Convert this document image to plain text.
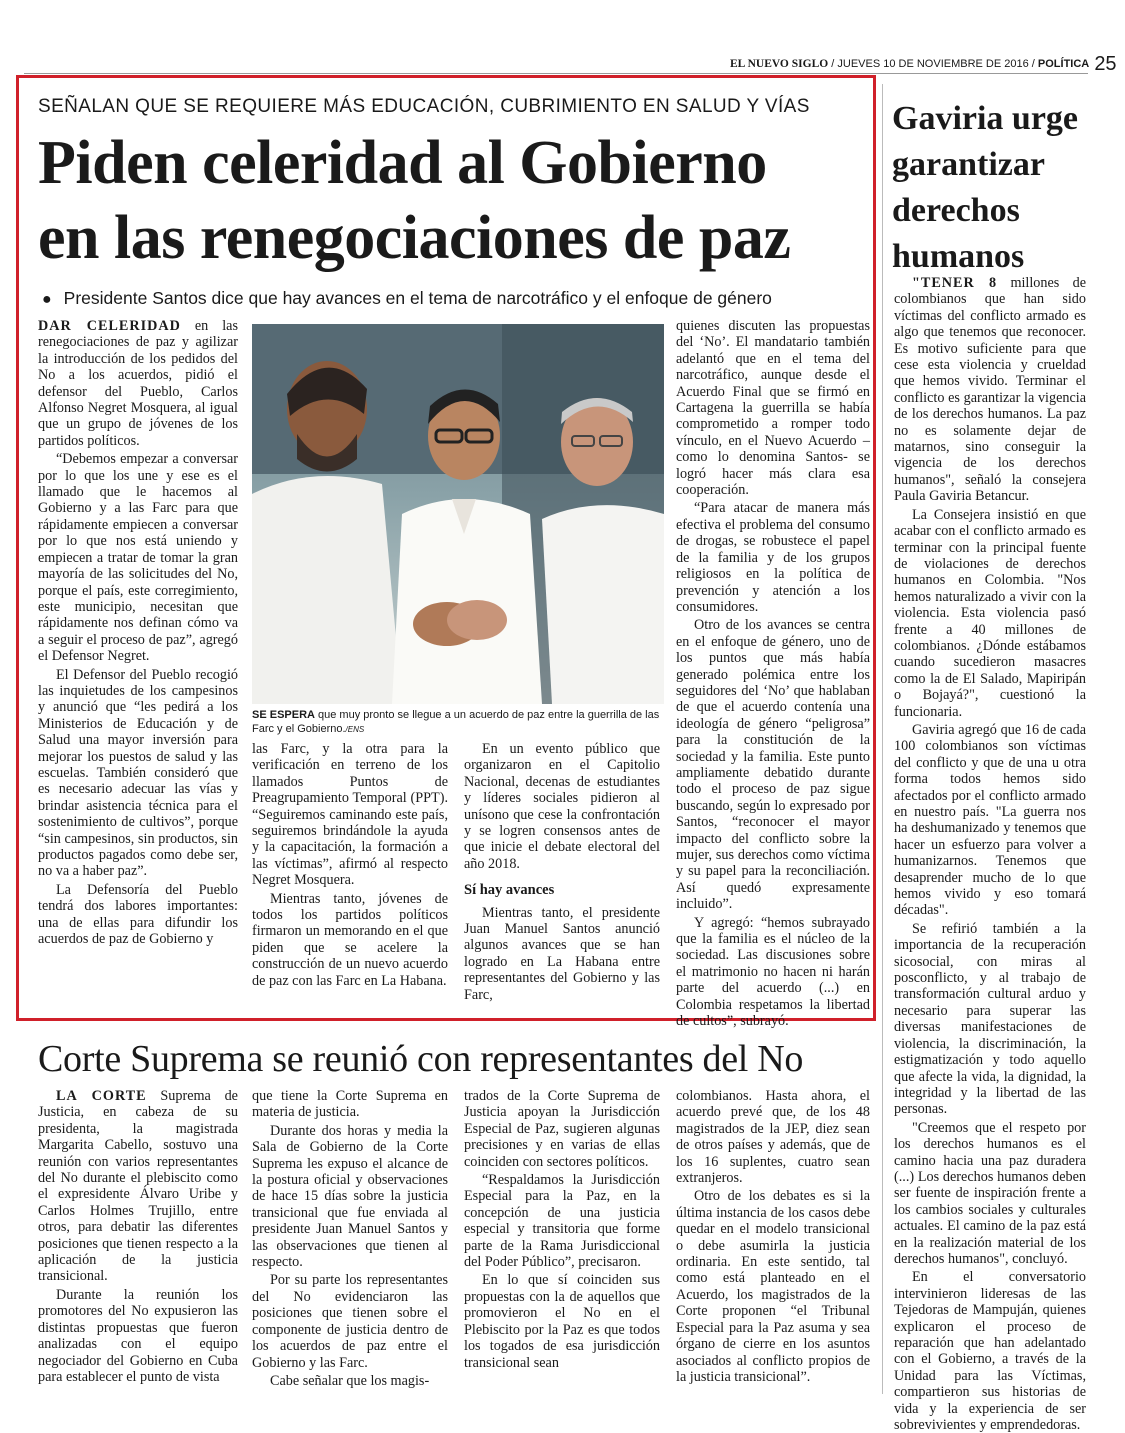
EL NUEVO SIGLO / JUEVES 10 DE NOVIEMBRE DE 2016 / POLÍTICA 25
SEÑALAN QUE SE REQUIERE MÁS EDUCACIÓN, CUBRIMIENTO EN SALUD Y VÍAS
Piden celeridad al Gobierno
en las renegociaciones de paz
● Presidente Santos dice que hay avances en el tema de narcotráfico y el enfoque de género

DAR CELERIDAD en las renegociaciones de paz y agilizar la introducción de los pedidos del No a los acuerdos, pidió el defensor del Pueblo, Carlos Alfonso Negret Mosquera, al igual que un grupo de jóvenes de los partidos políticos.

“Debemos empezar a conversar por lo que los une y ese es el llamado que le hacemos al Gobierno y a las Farc para que rápidamente empiecen a conversar por lo que nos está uniendo y empiecen a tratar de tomar la gran mayoría de las solicitudes del No, porque el país, este corregimiento, este municipio, necesitan que rápidamente nos definan cómo va a seguir el proceso de paz”, agregó el Defensor Negret.

El Defensor del Pueblo recogió las inquietudes de los campesinos y anunció que “les pedirá a los Ministerios de Educación y de Salud una mayor inversión para mejorar los puestos de salud y las escuelas. También consideró que es necesario adecuar las vías y brindar asistencia técnica para el sostenimiento de cultivos”, porque “sin campesinos, sin productos, sin productos pagados como debe ser, no va a haber paz”.

La Defensoría del Pueblo tendrá dos labores importantes: una de ellas para difundir los acuerdos de paz de Gobierno y

SE ESPERA que muy pronto se llegue a un acuerdo de paz entre la guerrilla de las Farc y el Gobierno./ENS

las Farc, y la otra para la verificación en terreno de los llamados Puntos de Preagrupamiento Temporal (PPT). “Seguiremos caminando este país, seguiremos brindándole la ayuda y la capacitación, la formación a las víctimas”, afirmó al respecto Negret Mosquera.

Mientras tanto, jóvenes de todos los partidos políticos firmaron un memorando en el que piden que se acelere la construcción de un nuevo acuerdo de paz con las Farc en La Habana.

En un evento público que organizaron en el Capitolio Nacional, decenas de estudiantes y líderes sociales pidieron al unísono que cese la confrontación y se logren consensos antes de que inicie el debate electoral del año 2018.

Sí hay avances

Mientras tanto, el presidente Juan Manuel Santos anunció algunos avances que se han logrado en La Habana entre representantes del Gobierno y las Farc,

quienes discuten las propuestas del ‘No’. El mandatario también adelantó que en el tema del narcotráfico, aunque desde el Acuerdo Final que se firmó en Cartagena la guerrilla se había comprometido a romper todo vínculo, en el Nuevo Acuerdo –como lo denomina Santos- se logró hacer más clara esa cooperación.

“Para atacar de manera más efectiva el problema del consumo de drogas, se robustece el papel de la familia y de los grupos religiosos en la política de prevención y atención a los consumidores.

Otro de los avances se centra en el enfoque de género, uno de los puntos que más había generado polémica entre los seguidores del ‘No’ que hablaban de que el acuerdo contenía una ideología de género “peligrosa” para la constitución de la sociedad y la familia. Este punto ampliamente debatido durante todo el proceso de paz sigue buscando, según lo expresado por Santos, “reconocer el mayor impacto del conflicto sobre la mujer, sus derechos como víctima y su papel para la reconciliación. Así quedó expresamente incluido”.

Y agregó: “hemos subrayado que la familia es el núcleo de la sociedad. Las discusiones sobre el matrimonio no hacen ni harán parte del acuerdo (...) en Colombia respetamos la libertad de cultos”, subrayó.

Gaviria urge
garantizar
derechos
humanos

"TENER 8 millones de colombianos que han sido víctimas del conflicto armado es algo que tenemos que reconocer. Es motivo suficiente para que cese esta violencia y crueldad que hemos vivido. Terminar el conflicto es garantizar la vigencia de los derechos humanos. La paz no es solamente dejar de matarnos, sino conseguir la vigencia de los derechos humanos", señaló la consejera Paula Gaviria Betancur.

La Consejera insistió en que acabar con el conflicto armado es terminar con la principal fuente de violaciones de derechos humanos en Colombia. "Nos hemos naturalizado a vivir con la violencia. Esta violencia pasó frente a 40 millones de colombianos. ¿Dónde estábamos cuando sucedieron masacres como la de El Salado, Mapiripán o Bojayá?", cuestionó la funcionaria.

Gaviria agregó que 16 de cada 100 colombianos son víctimas del conflicto y que de una u otra forma todos hemos sido afectados por el conflicto armado en nuestro país. "La guerra nos ha deshumanizado y tenemos que hacer un esfuerzo para volver a humanizarnos. Tenemos que desaprender mucho de lo que hemos vivido y eso tomará décadas".

Se refirió también a la importancia de la recuperación sicosocial, con miras al posconflicto, y al trabajo de transformación cultural arduo y necesario para superar las diversas manifestaciones de violencia, la discriminación, la estigmatización y todo aquello que afecte la vida, la dignidad, la integridad y la libertad de las personas.

"Creemos que el respeto por los derechos humanos es el camino hacia una paz duradera (...) Los derechos humanos deben ser fuente de inspiración frente a los cambios sociales y culturales actuales. El camino de la paz está en la realización material de los derechos humanos", concluyó.

En el conversatorio intervinieron lideresas de las Tejedoras de Mampuján, quienes explicaron el proceso de reparación que han adelantado con el Gobierno, a través de la Unidad para las Víctimas, compartieron sus historias de vida y la experiencia de ser sobrevivientes y emprendedoras.

Corte Suprema se reunió con representantes del No

LA CORTE Suprema de Justicia, en cabeza de su presidenta, la magistrada Margarita Cabello, sostuvo una reunión con varios representantes del No durante el plebiscito como el expresidente Álvaro Uribe y Carlos Holmes Trujillo, entre otros, para debatir las diferentes posiciones que tienen respecto a la aplicación de la justicia transicional.

Durante la reunión los promotores del No expusieron las distintas propuestas que fueron analizadas con el equipo negociador del Gobierno en Cuba para establecer el punto de vista

que tiene la Corte Suprema en materia de justicia.

Durante dos horas y media la Sala de Gobierno de la Corte Suprema les expuso el alcance de la postura oficial y observaciones de hace 15 días sobre la justicia transicional que fue enviada al presidente Juan Manuel Santos y las observaciones que tienen al respecto.

Por su parte los representantes del No evidenciaron las posiciones que tienen sobre el componente de justicia dentro de los acuerdos de paz entre el Gobierno y las Farc.

Cabe señalar que los magis-

trados de la Corte Suprema de Justicia apoyan la Jurisdicción Especial de Paz, sugieren algunas precisiones y en varias de ellas coinciden con sectores políticos.

“Respaldamos la Jurisdicción Especial para la Paz, en la concepción de una justicia especial y transitoria que forme parte de la Rama Jurisdiccional del Poder Público”, precisaron.

En lo que sí coinciden sus propuestas con la de aquellos que promovieron el No en el Plebiscito por la Paz es que todos los togados de esa jurisdicción transicional sean

colombianos. Hasta ahora, el acuerdo prevé que, de los 48 magistrados de la JEP, diez sean de otros países y además, que de los 16 suplentes, cuatro sean extranjeros.

Otro de los debates es si la última instancia de los casos debe quedar en el modelo transicional o debe asumirla la justicia ordinaria. En este sentido, tal como está planteado en el Acuerdo, los magistrados de la Corte proponen “el Tribunal Especial para la Paz asuma y sea órgano de cierre en los asuntos asociados al conflicto propios de la justicia transicional”.
